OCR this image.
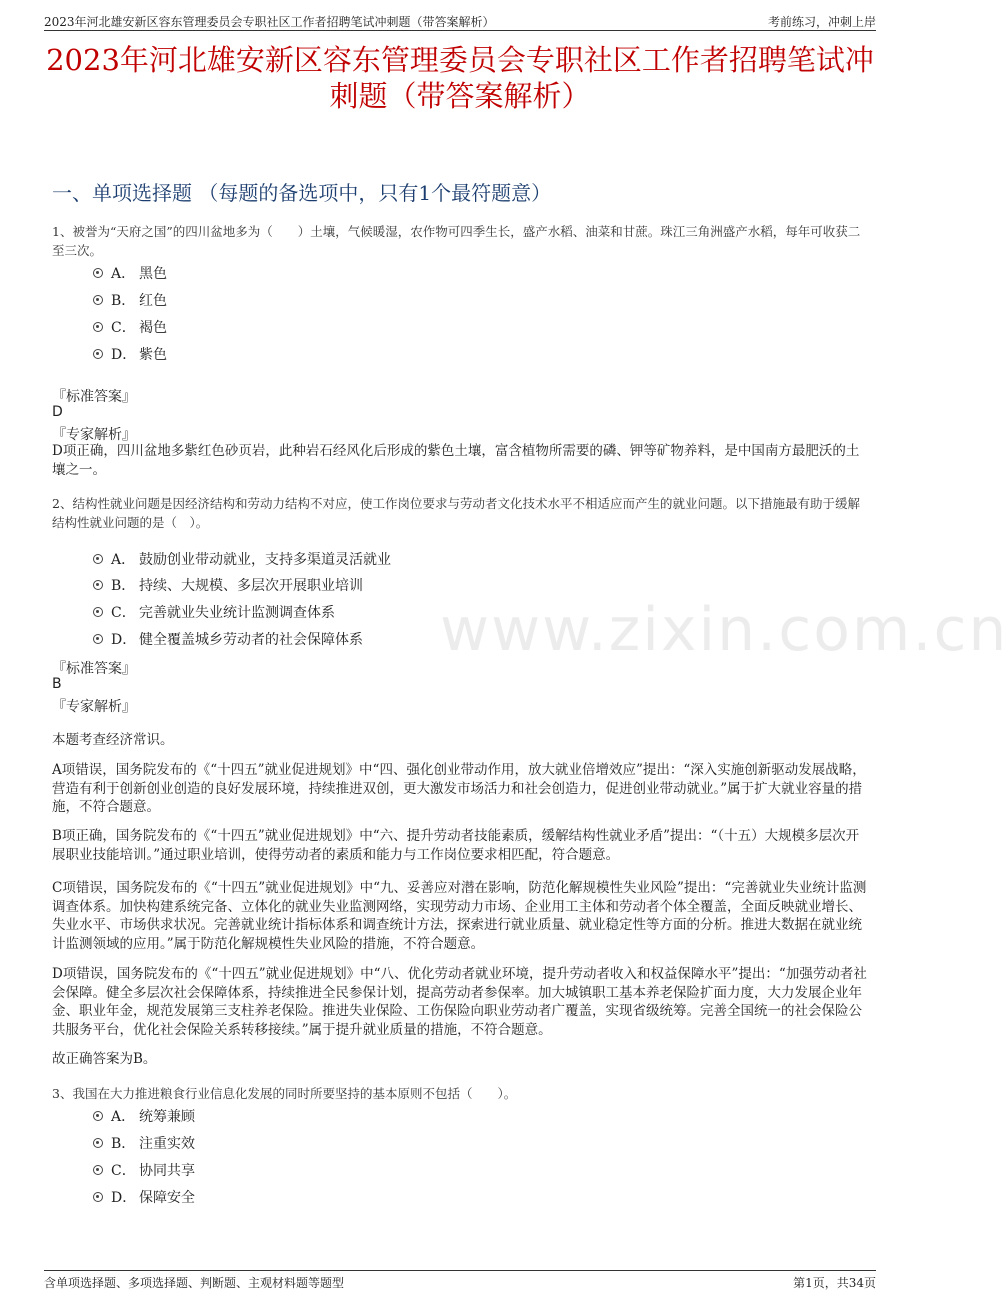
2023年河北雄安新区容东管理委员会专职社区工作者招聘笔试冲刺题（带答案解析）	考前练习，冲刺上岸
2023年河北雄安新区容东管理委员会专职社区工作者招聘笔试冲刺题（带答案解析）
一、单项选择题 （每题的备选项中，只有1个最符题意）
www.zixin.com.cn
1、被誉为“天府之国”的四川盆地多为（　　）土壤，气候暖湿，农作物可四季生长，盛产水稻、油菜和甘蔗。珠江三角洲盛产水稻，每年可收获二至三次。
A． 黑色
B． 红色
C． 褐色
D． 紫色
『标准答案』
D
『专家解析』
D项正确，四川盆地多紫红色砂页岩，此种岩石经风化后形成的紫色土壤，富含植物所需要的磷、钾等矿物养料，是中国南方最肥沃的土壤之一。
2、结构性就业问题是因经济结构和劳动力结构不对应，使工作岗位要求与劳动者文化技术水平不相适应而产生的就业问题。以下措施最有助于缓解结构性就业问题的是（　）。
A． 鼓励创业带动就业，支持多渠道灵活就业
B． 持续、大规模、多层次开展职业培训
C． 完善就业失业统计监测调查体系
D． 健全覆盖城乡劳动者的社会保障体系
『标准答案』
B
『专家解析』
本题考查经济常识。
A项错误，国务院发布的《“十四五”就业促进规划》中“四、强化创业带动作用，放大就业倍增效应”提出：“深入实施创新驱动发展战略，营造有利于创新创业创造的良好发展环境，持续推进双创，更大激发市场活力和社会创造力，促进创业带动就业。”属于扩大就业容量的措施，不符合题意。
B项正确，国务院发布的《“十四五”就业促进规划》中“六、提升劳动者技能素质，缓解结构性就业矛盾”提出：“（十五）大规模多层次开展职业技能培训。”通过职业培训，使得劳动者的素质和能力与工作岗位要求相匹配，符合题意。
C项错误，国务院发布的《“十四五”就业促进规划》中“九、妥善应对潜在影响，防范化解规模性失业风险”提出：“完善就业失业统计监测调查体系。加快构建系统完备、立体化的就业失业监测网络，实现劳动力市场、企业用工主体和劳动者个体全覆盖，全面反映就业增长、失业水平、市场供求状况。完善就业统计指标体系和调查统计方法，探索进行就业质量、就业稳定性等方面的分析。推进大数据在就业统计监测领域的应用。”属于防范化解规模性失业风险的措施，不符合题意。
D项错误，国务院发布的《“十四五”就业促进规划》中“八、优化劳动者就业环境，提升劳动者收入和权益保障水平”提出：“加强劳动者社会保障。健全多层次社会保障体系，持续推进全民参保计划，提高劳动者参保率。加大城镇职工基本养老保险扩面力度，大力发展企业年金、职业年金，规范发展第三支柱养老保险。推进失业保险、工伤保险向职业劳动者广覆盖，实现省级统筹。完善全国统一的社会保险公共服务平台，优化社会保险关系转移接续。”属于提升就业质量的措施，不符合题意。
故正确答案为B。
3、我国在大力推进粮食行业信息化发展的同时所要坚持的基本原则不包括（　　）。
A． 统筹兼顾
B． 注重实效
C． 协同共享
D． 保障安全
含单项选择题、多项选择题、判断题、主观材料题等题型	第1页，共34页
